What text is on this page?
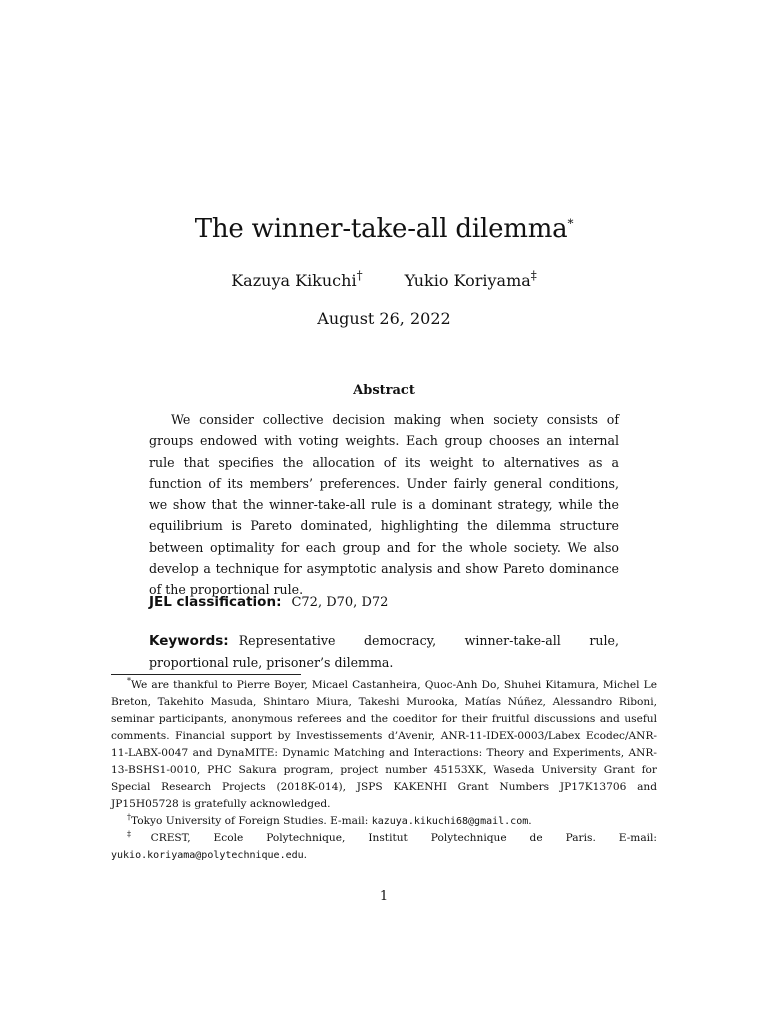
The winner-take-all dilemma*
Kazuya Kikuchi†	Yukio Koriyama‡
August 26, 2022
Abstract

We consider collective decision making when society consists of groups endowed with voting weights. Each group chooses an internal rule that specifies the allocation of its weight to alternatives as a function of its members’ preferences. Under fairly general conditions, we show that the winner-take-all rule is a dominant strategy, while the equilibrium is Pareto dominated, highlighting the dilemma structure between optimality for each group and for the whole society. We also develop a technique for asymptotic analysis and show Pareto dominance of the proportional rule.

JEL classification: C72, D70, D72

Keywords: Representative democracy, winner-take-all rule, proportional rule, prisoner’s dilemma.

*We are thankful to Pierre Boyer, Micael Castanheira, Quoc-Anh Do, Shuhei Kitamura, Michel Le Breton, Takehito Masuda, Shintaro Miura, Takeshi Murooka, Matías Núñez, Alessandro Riboni, seminar participants, anonymous referees and the coeditor for their fruitful discussions and useful comments. Financial support by Investissements d’Avenir, ANR-11-IDEX-0003/Labex Ecodec/ANR-11-LABX-0047 and DynaMITE: Dynamic Matching and Interactions: Theory and Experiments, ANR-13-BSHS1-0010, PHC Sakura program, project number 45153XK, Waseda University Grant for Special Research Projects (2018K-014), JSPS KAKENHI Grant Numbers JP17K13706 and JP15H05728 is gratefully acknowledged.

†Tokyo University of Foreign Studies. E-mail: kazuya.kikuchi68@gmail.com.

‡CREST, Ecole Polytechnique, Institut Polytechnique de Paris. E-mail:

yukio.koriyama@polytechnique.edu.

1
